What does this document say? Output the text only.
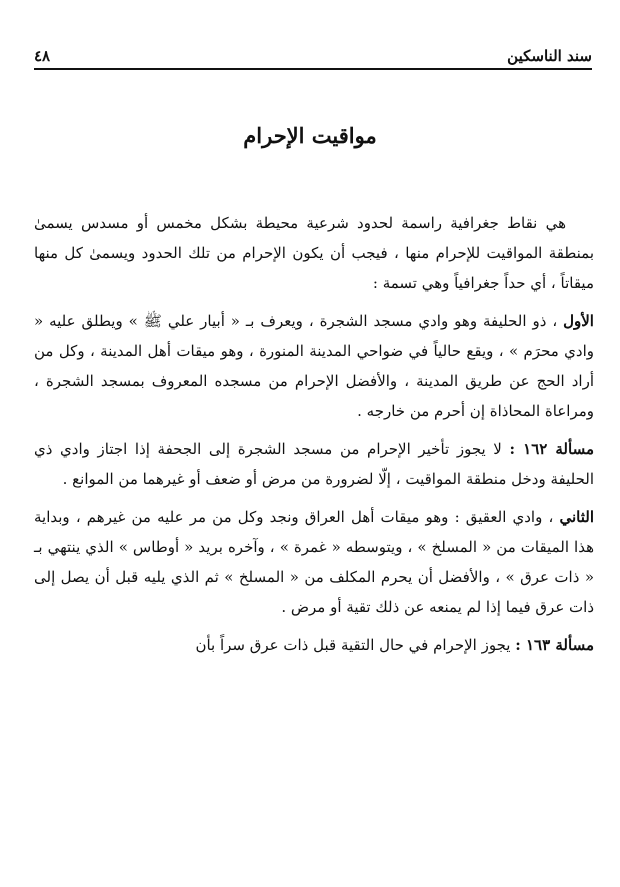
سند الناسكين
٤٨
مواقيت الإحرام

هي نقاط جغرافية راسمة لحدود شرعية محيطة بشكل مخمس أو مسدس يسمىٰ بمنطقة المواقيت للإحرام منها ، فيجب أن يكون الإحرام من تلك الحدود ويسمىٰ كل منها ميقاتاً ، أي حداً جغرافياً وهي تسمة :

الأول ، ذو الحليفة وهو وادي مسجد الشجرة ، ويعرف بـ « أبيار علي ﷺ » ويطلق عليه « وادي محرَم » ، ويقع حالياً في ضواحي المدينة المنورة ، وهو ميقات أهل المدينة ، وكل من أراد الحج عن طريق المدينة ، والأفضل الإحرام من مسجده المعروف بمسجد الشجرة ، ومراعاة المحاذاة إن أحرم من خارجه .

مسألة ١٦٢ : لا يجوز تأخير الإحرام من مسجد الشجرة إلى الجحفة إذا اجتاز وادي ذي الحليفة ودخل منطقة المواقيت ، إلّا لضرورة من مرض أو ضعف أو غيرهما من الموانع .

الثاني ، وادي العقيق : وهو ميقات أهل العراق ونجد وكل من مر عليه من غيرهم ، وبداية هذا الميقات من « المسلخ » ، ويتوسطه « غمرة » ، وآخره بريد « أوطاس » الذي ينتهي بـ « ذات عرق » ، والأفضل أن يحرم المكلف من « المسلخ » ثم الذي يليه قبل أن يصل إلى ذات عرق فيما إذا لم يمنعه عن ذلك تقية أو مرض .

مسألة ١٦٣ : يجوز الإحرام في حال التقية قبل ذات عرق سراً بأن
